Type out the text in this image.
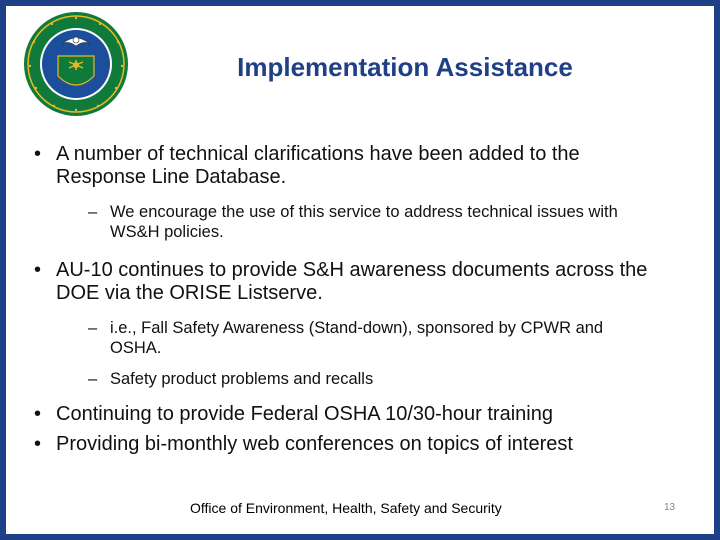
Implementation Assistance
• A number of technical clarifications have been added to the Response Line Database.
– We encourage the use of this service to address technical issues with WS&H policies.
• AU-10 continues to provide S&H awareness documents across the DOE via the ORISE Listserve.
– i.e., Fall Safety Awareness (Stand-down), sponsored by CPWR and OSHA.
– Safety product problems and recalls
• Continuing to provide Federal OSHA 10/30-hour training
• Providing bi-monthly web conferences on topics of interest
Office of Environment, Health, Safety and Security	13
